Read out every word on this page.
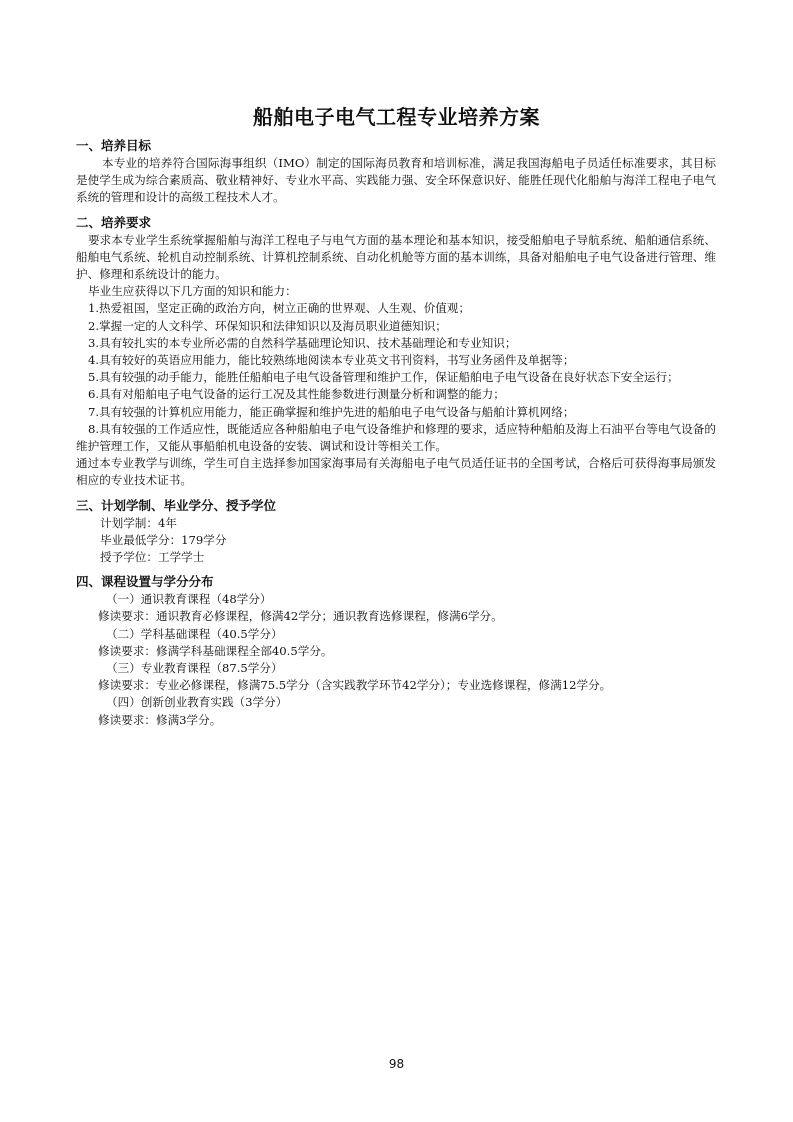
船舶电子电气工程专业培养方案
一、培养目标

本专业的培养符合国际海事组织（IMO）制定的国际海员教育和培训标准，满足我国海船电子员适任标准要求，其目标是使学生成为综合素质高、敬业精神好、专业水平高、实践能力强、安全环保意识好、能胜任现代化船舶与海洋工程电子电气系统的管理和设计的高级工程技术人才。

二、培养要求

要求本专业学生系统掌握船舶与海洋工程电子与电气方面的基本理论和基本知识，接受船舶电子导航系统、船舶通信系统、船舶电气系统、轮机自动控制系统、计算机控制系统、自动化机舱等方面的基本训练，具备对船舶电子电气设备进行管理、维护、修理和系统设计的能力。

毕业生应获得以下几方面的知识和能力：

1.热爱祖国，坚定正确的政治方向，树立正确的世界观、人生观、价值观；

2.掌握一定的人文科学、环保知识和法律知识以及海员职业道德知识；

3.具有较扎实的本专业所必需的自然科学基础理论知识、技术基础理论和专业知识；

4.具有较好的英语应用能力，能比较熟练地阅读本专业英文书刊资料，书写业务函件及单据等；

5.具有较强的动手能力，能胜任船舶电子电气设备管理和维护工作，保证船舶电子电气设备在良好状态下安全运行；

6.具有对船舶电子电气设备的运行工况及其性能参数进行测量分析和调整的能力；

7.具有较强的计算机应用能力，能正确掌握和维护先进的船舶电子电气设备与船舶计算机网络；

8.具有较强的工作适应性，既能适应各种船舶电子电气设备维护和修理的要求，适应特种船舶及海上石油平台等电气设备的维护管理工作，又能从事船舶机电设备的安装、调试和设计等相关工作。

通过本专业教学与训练，学生可自主选择参加国家海事局有关海船电子电气员适任证书的全国考试，合格后可获得海事局颁发相应的专业技术证书。

三、计划学制、毕业学分、授予学位

计划学制：4年

毕业最低学分：179学分

授予学位：工学学士

四、课程设置与学分分布

（一）通识教育课程（48学分）

修读要求：通识教育必修课程，修满42学分；通识教育选修课程，修满6学分。

（二）学科基础课程（40.5学分）

修读要求：修满学科基础课程全部40.5学分。

（三）专业教育课程（87.5学分）

修读要求：专业必修课程，修满75.5学分（含实践教学环节42学分）；专业选修课程，修满12学分。

（四）创新创业教育实践（3学分）

修读要求：修满3学分。

98
